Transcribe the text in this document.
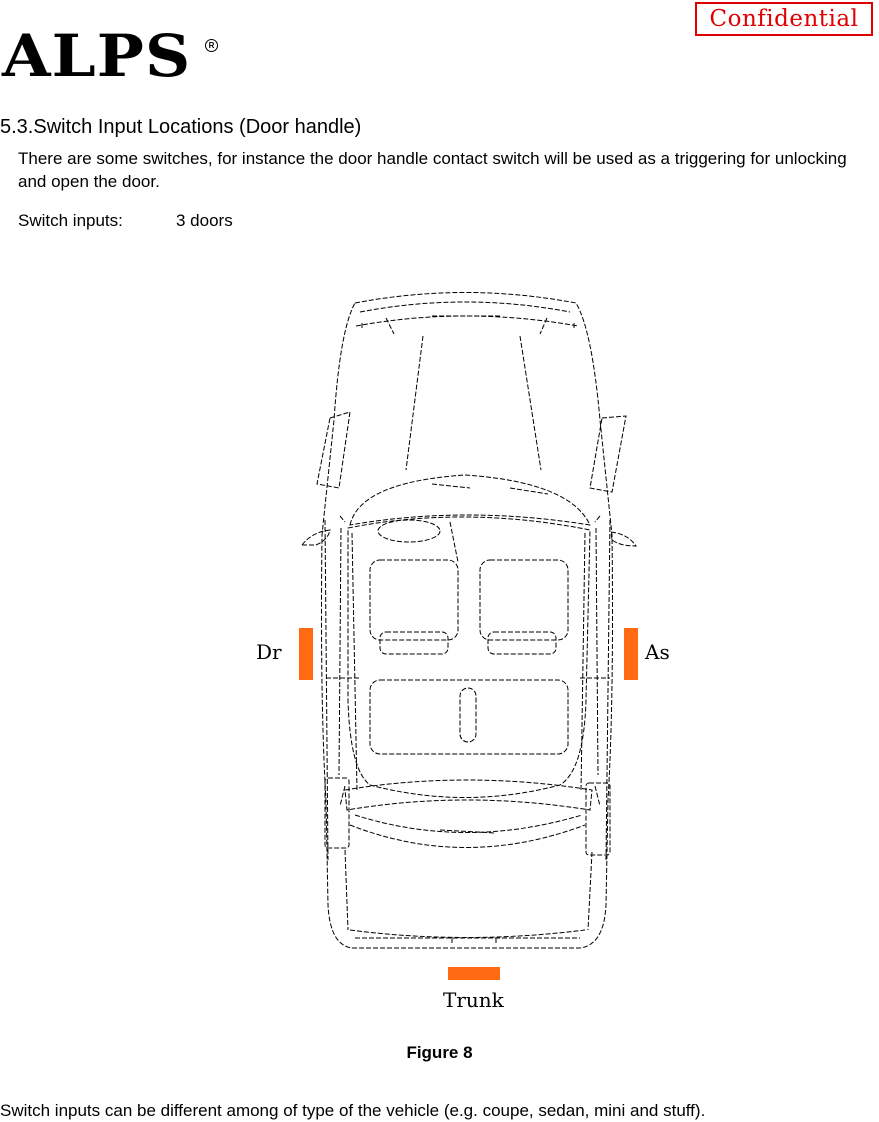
Confidential
ALPS	R
5.3.Switch Input Locations (Door handle)
There are some switches, for instance the door handle contact switch will be used as a triggering for unlocking and open the door.
Switch inputs:	3 doors
Dr	As
Trunk
Figure 8
Switch inputs can be different among of type of the vehicle (e.g. coupe, sedan, mini and stuff).
